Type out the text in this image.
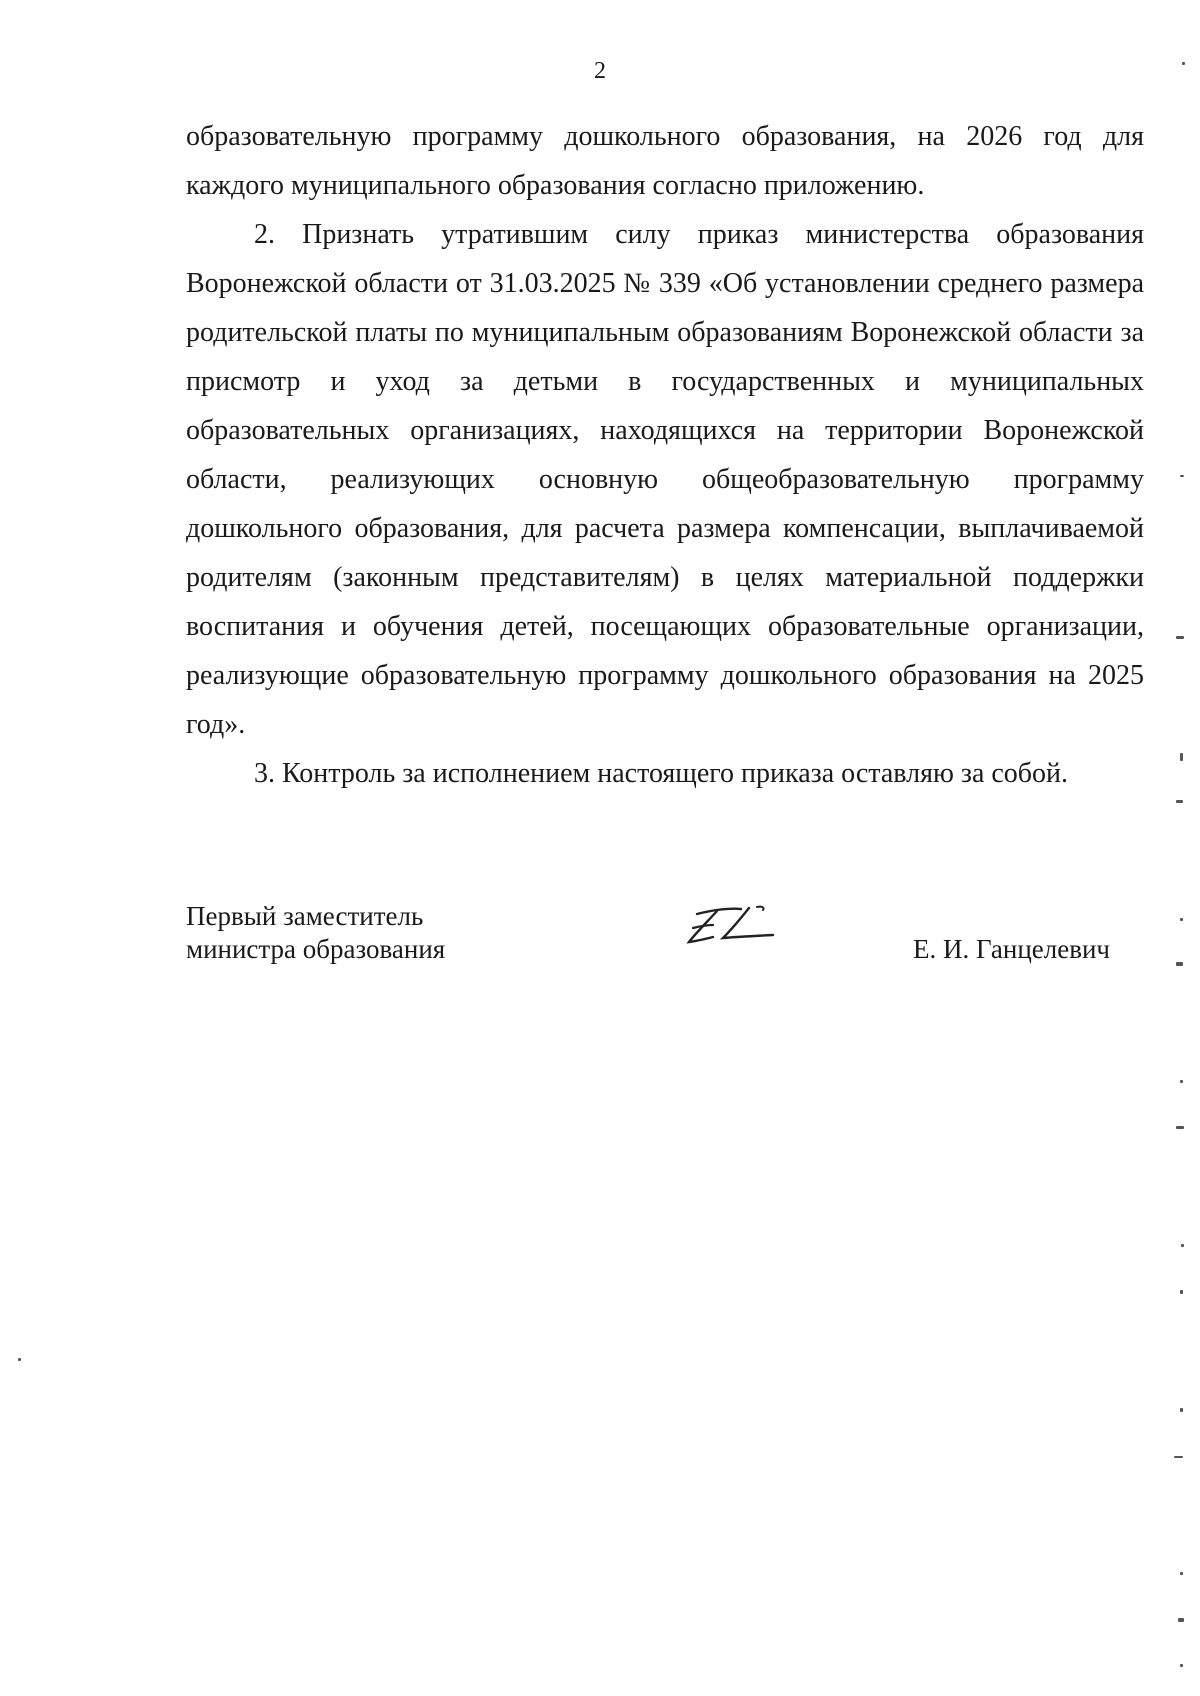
2

образовательную программу дошкольного образования, на 2026 год для каждого муниципального образования согласно приложению.

2. Признать утратившим силу приказ министерства образования Воронежской области от 31.03.2025 № 339 «Об установлении среднего размера родительской платы по муниципальным образованиям Воронежской области за присмотр и уход за детьми в государственных и муниципальных образовательных организациях, находящихся на территории Воронежской области, реализующих основную общеобразовательную программу дошкольного образования, для расчета размера компенсации, выплачиваемой родителям (законным представителям) в целях материальной поддержки воспитания и обучения детей, посещающих образовательные организации, реализующие образовательную программу дошкольного образования на 2025 год».

3. Контроль за исполнением настоящего приказа оставляю за собой.

Первый заместитель
министра образования	Е. И. Ганцелевич
